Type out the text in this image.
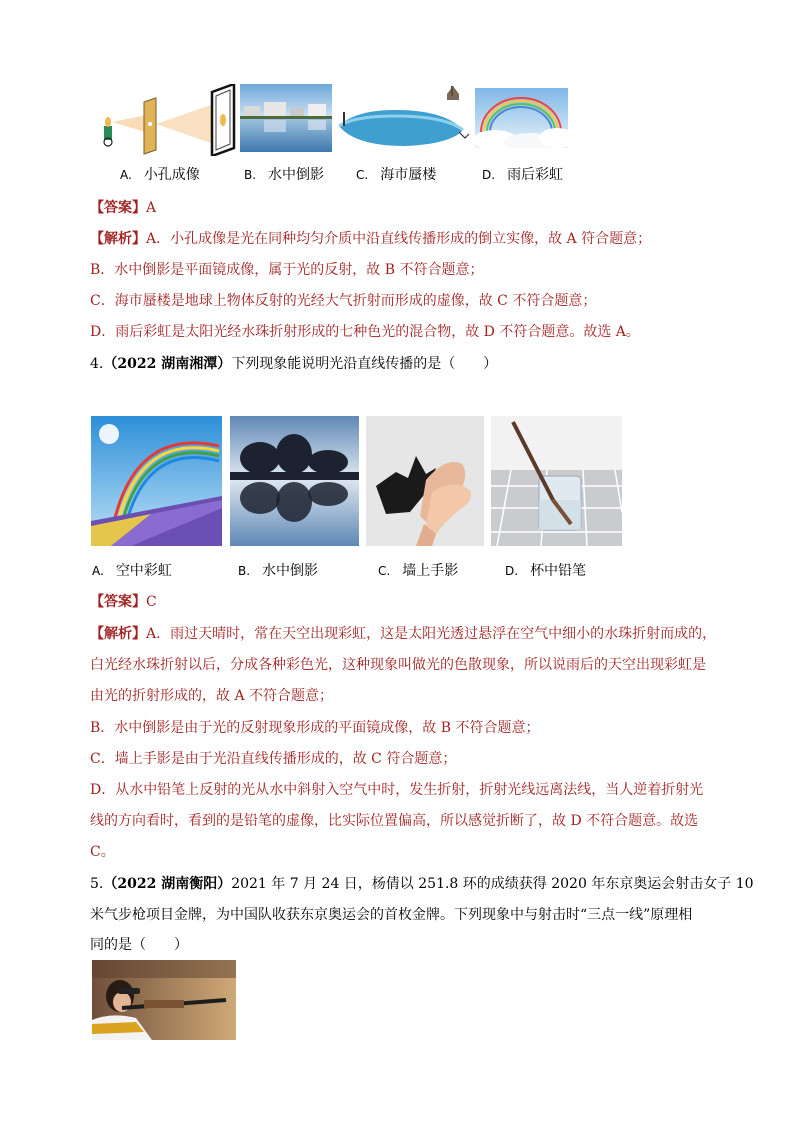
A. 小孔成像	B. 水中倒影	C. 海市蜃楼	D. 雨后彩虹
【答案】A
【解析】A．小孔成像是光在同种均匀介质中沿直线传播形成的倒立实像，故 A 符合题意；
B．水中倒影是平面镜成像，属于光的反射，故 B 不符合题意；
C．海市蜃楼是地球上物体反射的光经大气折射而形成的虚像，故 C 不符合题意；
D．雨后彩虹是太阳光经水珠折射形成的七种色光的混合物，故 D 不符合题意。故选 A。
4.（2022 湖南湘潭）下列现象能说明光沿直线传播的是（　　）
A. 空中彩虹	B. 水中倒影	C. 墙上手影	D. 杯中铅笔
【答案】C
【解析】A．雨过天晴时，常在天空出现彩虹，这是太阳光透过悬浮在空气中细小的水珠折射而成的，
白光经水珠折射以后，分成各种彩色光，这种现象叫做光的色散现象，所以说雨后的天空出现彩虹是
由光的折射形成的，故 A 不符合题意；
B．水中倒影是由于光的反射现象形成的平面镜成像，故 B 不符合题意；
C．墙上手影是由于光沿直线传播形成的，故 C 符合题意；
D．从水中铅笔上反射的光从水中斜射入空气中时，发生折射，折射光线远离法线，当人逆着折射光
线的方向看时，看到的是铅笔的虚像，比实际位置偏高，所以感觉折断了，故 D 不符合题意。故选
C。
5.（2022 湖南衡阳）2021 年 7 月 24 日，杨倩以 251.8 环的成绩获得 2020 年东京奥运会射击女子 10
米气步枪项目金牌，为中国队收获东京奥运会的首枚金牌。下列现象中与射击时“三点一线”原理相
同的是（　　）
